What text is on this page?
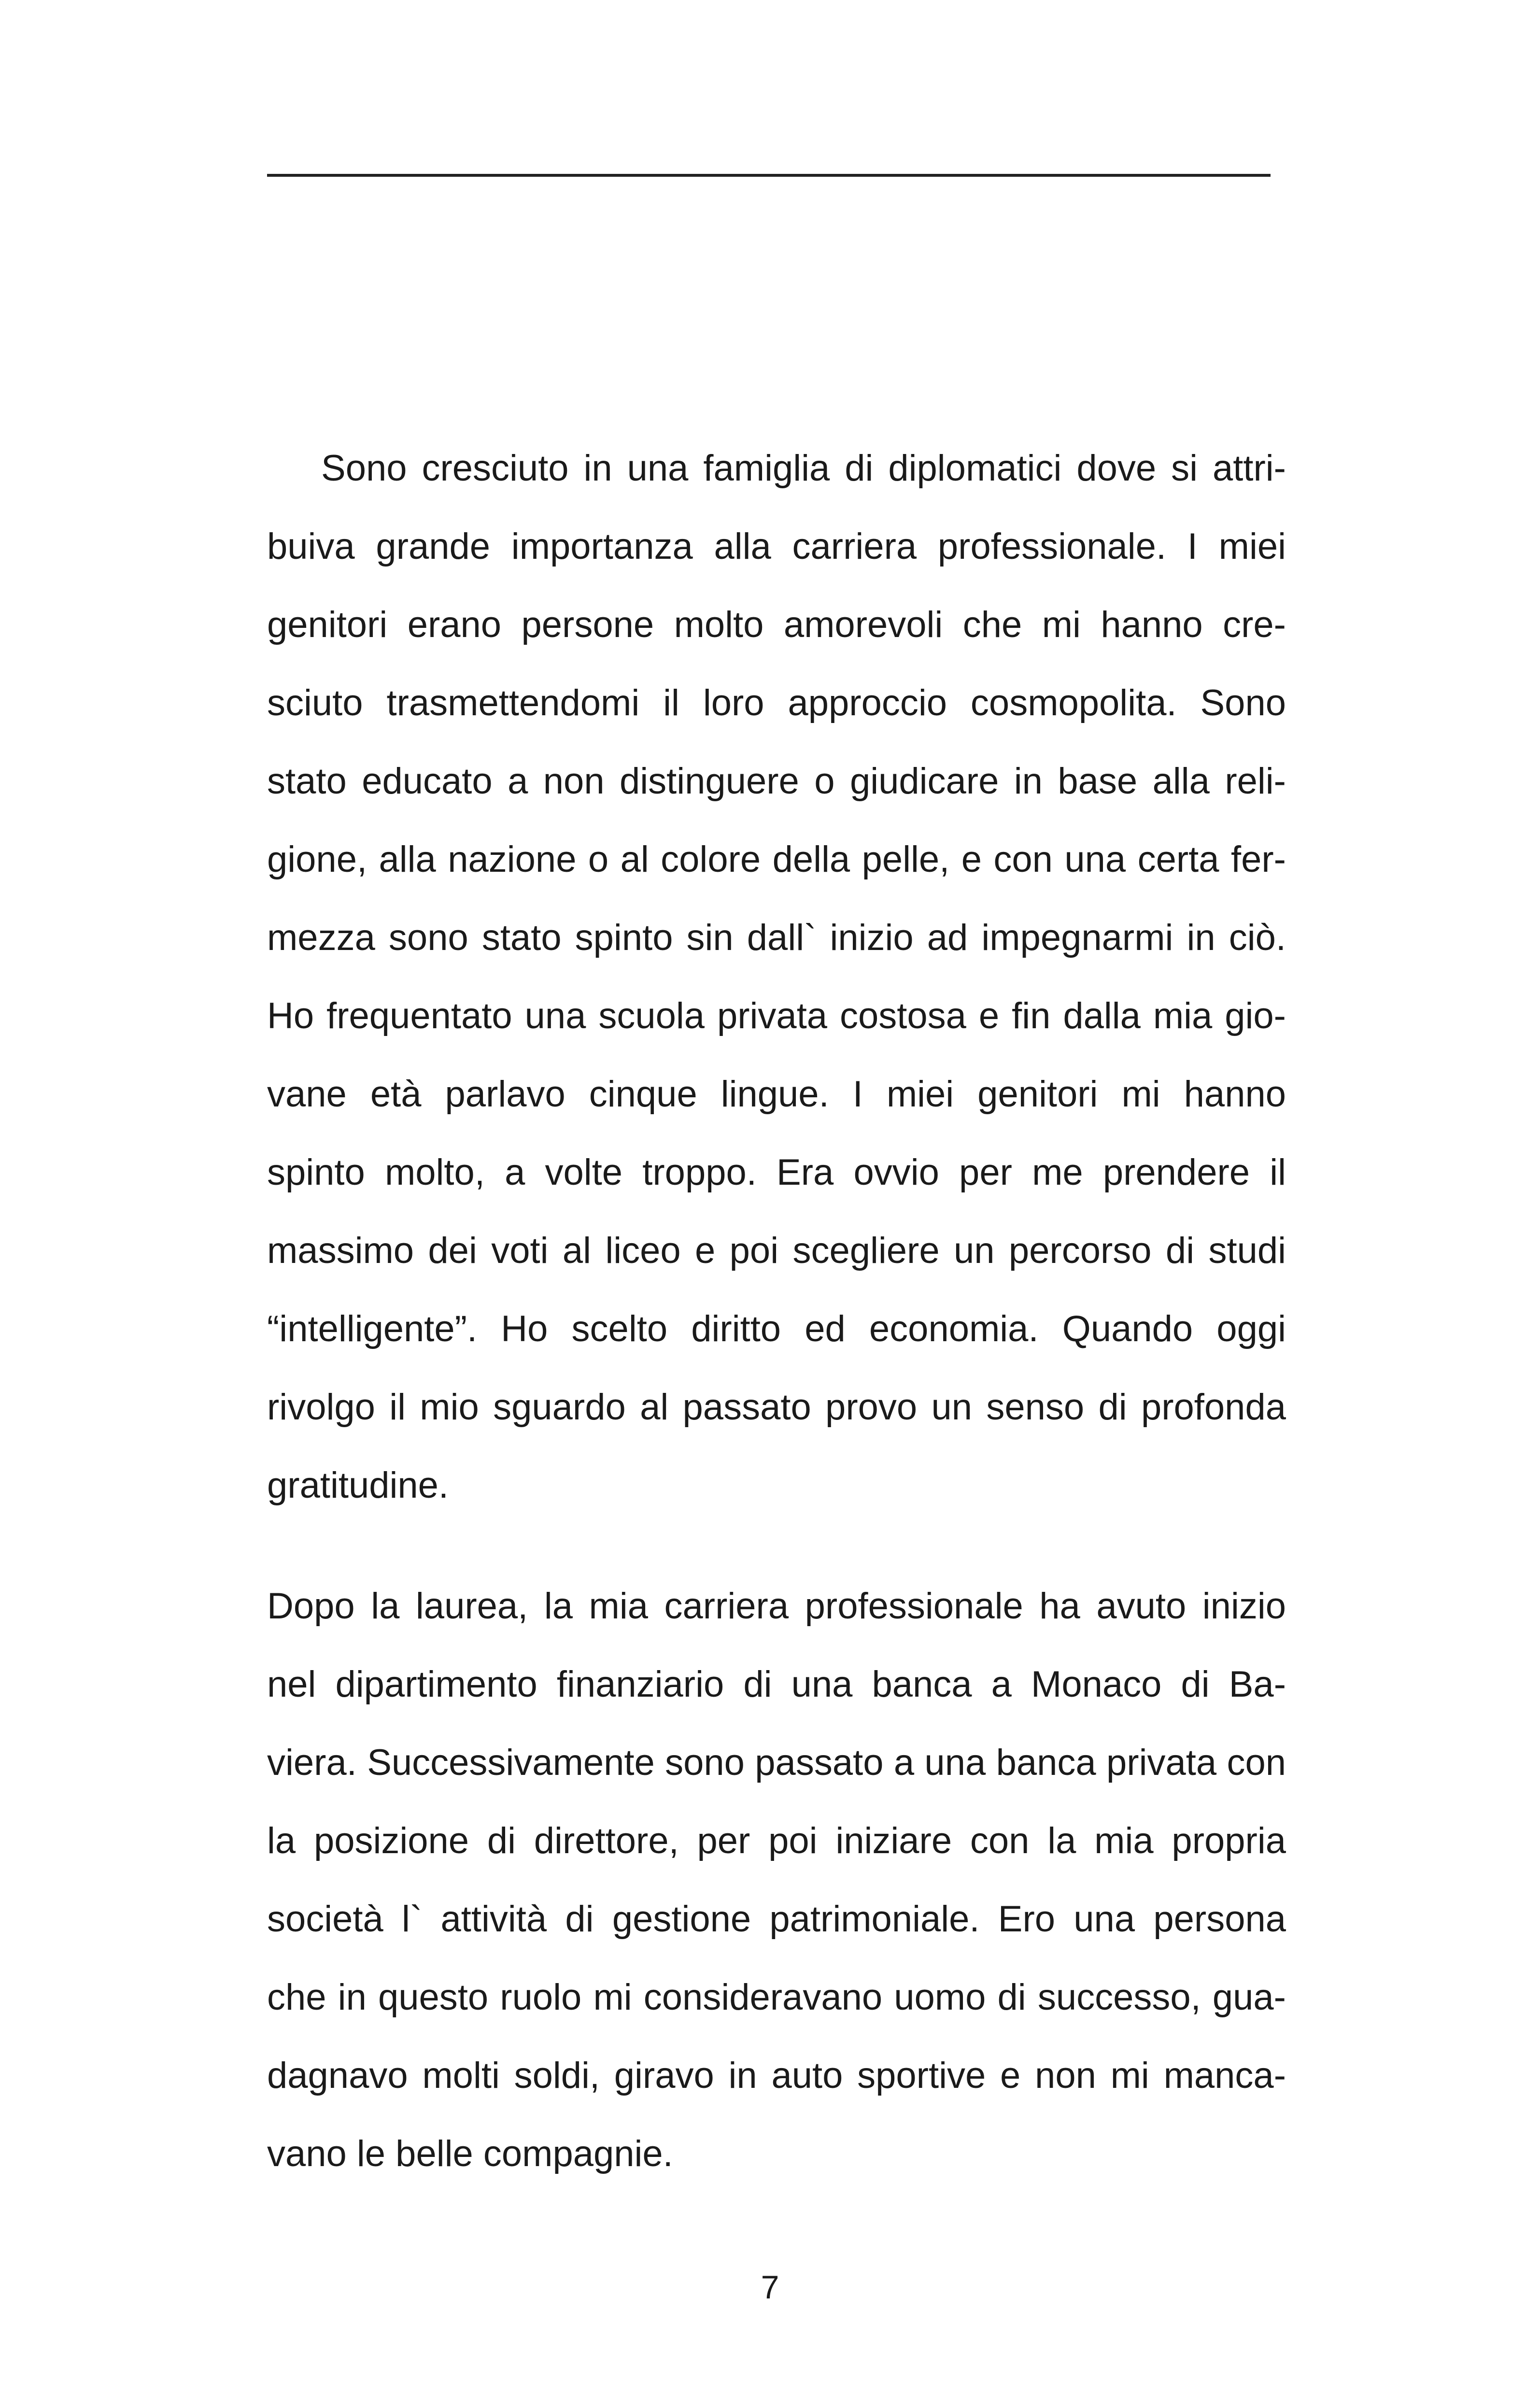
Sono cresciuto in una famiglia di diplomatici dove si attri-
buiva grande importanza alla carriera professionale. I miei
genitori erano persone molto amorevoli che mi hanno cre-
sciuto trasmettendomi il loro approccio cosmopolita. Sono
stato educato a non distinguere o giudicare in base alla reli-
gione, alla nazione o al colore della pelle, e con una certa fer-
mezza sono stato spinto sin dall` inizio ad impegnarmi in ciò.
Ho frequentato una scuola privata costosa e fin dalla mia gio-
vane età parlavo cinque lingue. I miei genitori mi hanno
spinto molto, a volte troppo. Era ovvio per me prendere il
massimo dei voti al liceo e poi scegliere un percorso di studi
“intelligente”. Ho scelto diritto ed economia. Quando oggi
rivolgo il mio sguardo al passato provo un senso di profonda
gratitudine.
Dopo la laurea, la mia carriera professionale ha avuto inizio
nel dipartimento finanziario di una banca a Monaco di Ba-
viera. Successivamente sono passato a una banca privata con
la posizione di direttore, per poi iniziare con la mia propria
società l` attività di gestione patrimoniale. Ero una persona
che in questo ruolo mi consideravano uomo di successo, gua-
dagnavo molti soldi, giravo in auto sportive e non mi manca-
vano le belle compagnie.
7
